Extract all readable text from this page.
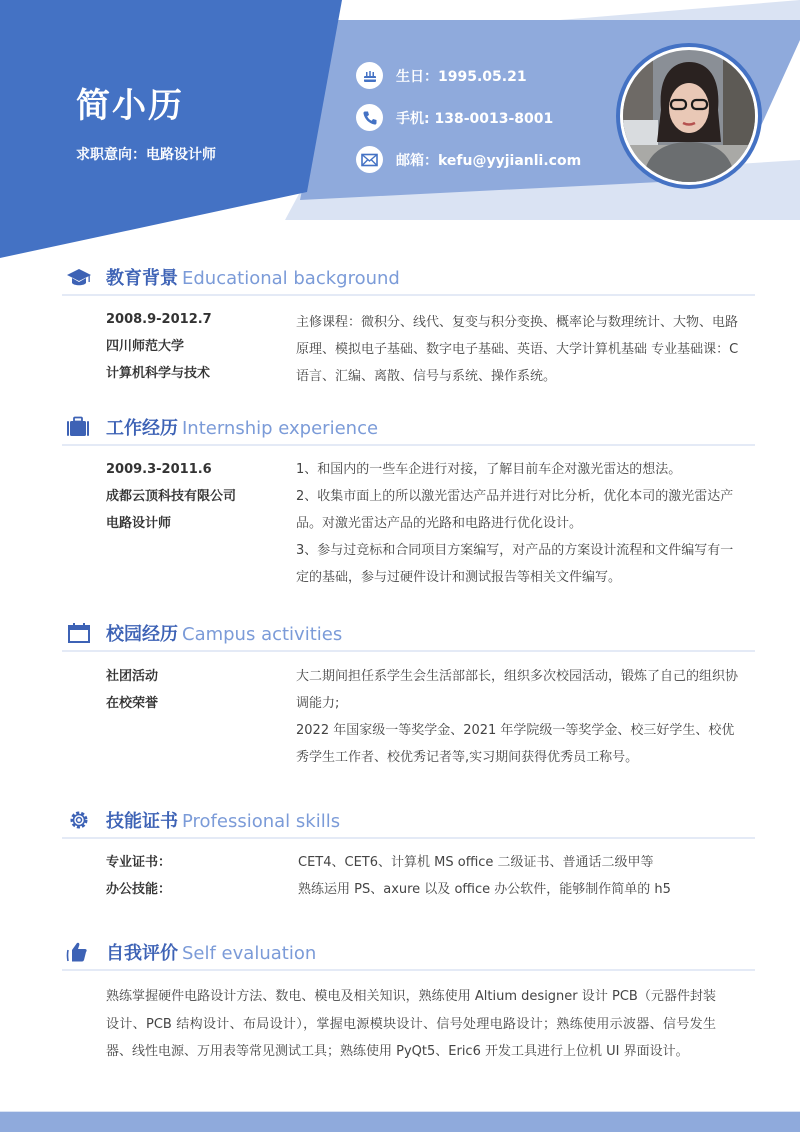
简小历
求职意向：电路设计师
生日：1995.05.21
手机: 138-0013-8001
邮箱：kefu@yyjianli.com
教育背景 Educational background
2008.9-2012.7
四川师范大学
计算机科学与技术
主修课程：微积分、线代、复变与积分变换、概率论与数理统计、大物、电路原理、模拟电子基础、数字电子基础、英语、大学计算机基础 专业基础课：C 语言、汇编、离散、信号与系统、操作系统。
工作经历 Internship experience
2009.3-2011.6
成都云顶科技有限公司
电路设计师
1、和国内的一些车企进行对接，了解目前车企对激光雷达的想法。
2、收集市面上的所以激光雷达产品并进行对比分析，优化本司的激光雷达产品。对激光雷达产品的光路和电路进行优化设计。
3、参与过竞标和合同项目方案编写，对产品的方案设计流程和文件编写有一定的基础，参与过硬件设计和测试报告等相关文件编写。
校园经历 Campus activities
社团活动
在校荣誉
大二期间担任系学生会生活部部长，组织多次校园活动，锻炼了自己的组织协调能力;
2022 年国家级一等奖学金、2021 年学院级一等奖学金、校三好学生、校优秀学生工作者、校优秀记者等,实习期间获得优秀员工称号。
技能证书 Professional skills
专业证书：
办公技能：
CET4、CET6、计算机 MS office 二级证书、普通话二级甲等
熟练运用 PS、axure 以及 office 办公软件，能够制作简单的 h5
自我评价 Self evaluation
熟练掌握硬件电路设计方法、数电、模电及相关知识，熟练使用 Altium designer 设计 PCB（元器件封装设计、PCB 结构设计、布局设计），掌握电源模块设计、信号处理电路设计；熟练使用示波器、信号发生器、线性电源、万用表等常见测试工具；熟练使用 PyQt5、Eric6 开发工具进行上位机 UI 界面设计。
